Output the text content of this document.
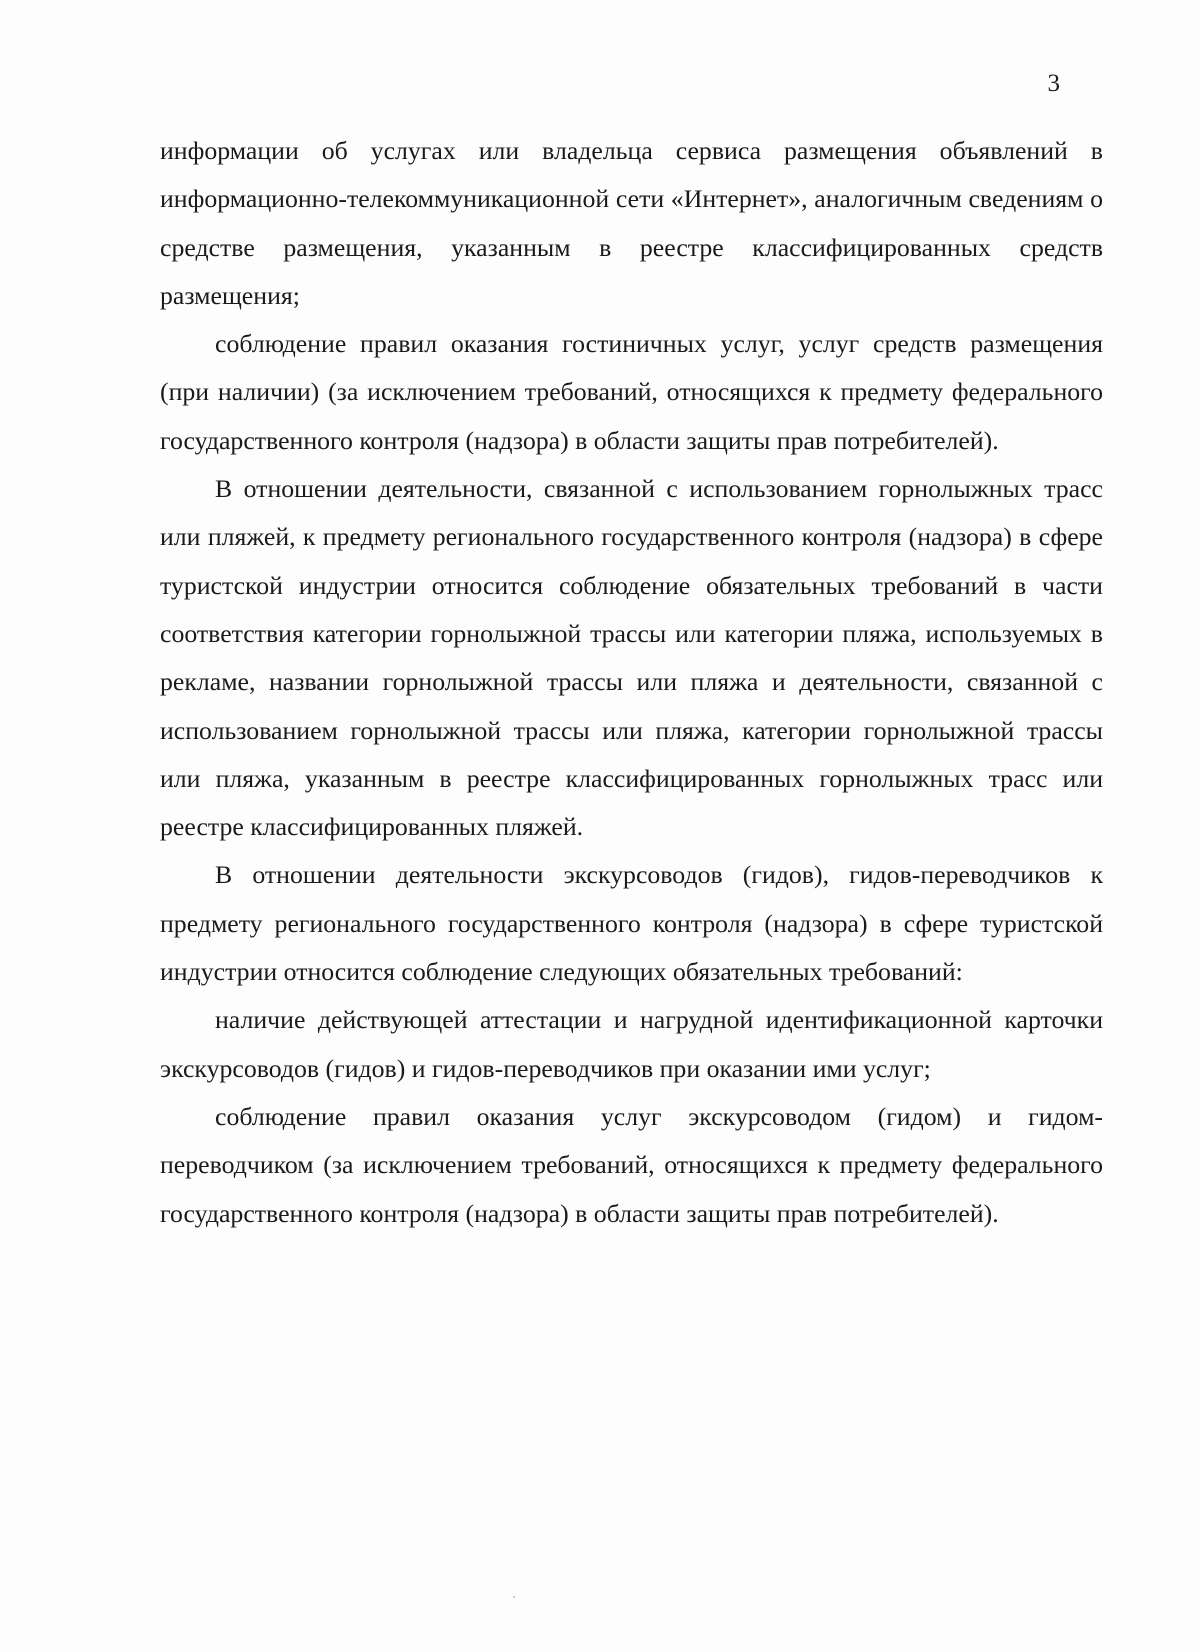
3

информации об услугах или владельца сервиса размещения объявлений в информационно-телекоммуникационной сети «Интернет», аналогичным сведениям о средстве размещения, указанным в реестре классифицированных средств размещения;

соблюдение правил оказания гостиничных услуг, услуг средств размещения (при наличии) (за исключением требований, относящихся к предмету федерального государственного контроля (надзора) в области защиты прав потребителей).

В отношении деятельности, связанной с использованием горнолыжных трасс или пляжей, к предмету регионального государственного контроля (надзора) в сфере туристской индустрии относится соблюдение обязательных требований в части соответствия категории горнолыжной трассы или категории пляжа, используемых в рекламе, названии горнолыжной трассы или пляжа и деятельности, связанной с использованием горнолыжной трассы или пляжа, категории горнолыжной трассы или пляжа, указанным в реестре классифицированных горнолыжных трасс или реестре классифицированных пляжей.

В отношении деятельности экскурсоводов (гидов), гидов-переводчиков к предмету регионального государственного контроля (надзора) в сфере туристской индустрии относится соблюдение следующих обязательных требований:

наличие действующей аттестации и нагрудной идентификационной карточки экскурсоводов (гидов) и гидов-переводчиков при оказании ими услуг;

соблюдение правил оказания услуг экскурсоводом (гидом) и гидом-переводчиком (за исключением требований, относящихся к предмету федерального государственного контроля (надзора) в области защиты прав потребителей).
